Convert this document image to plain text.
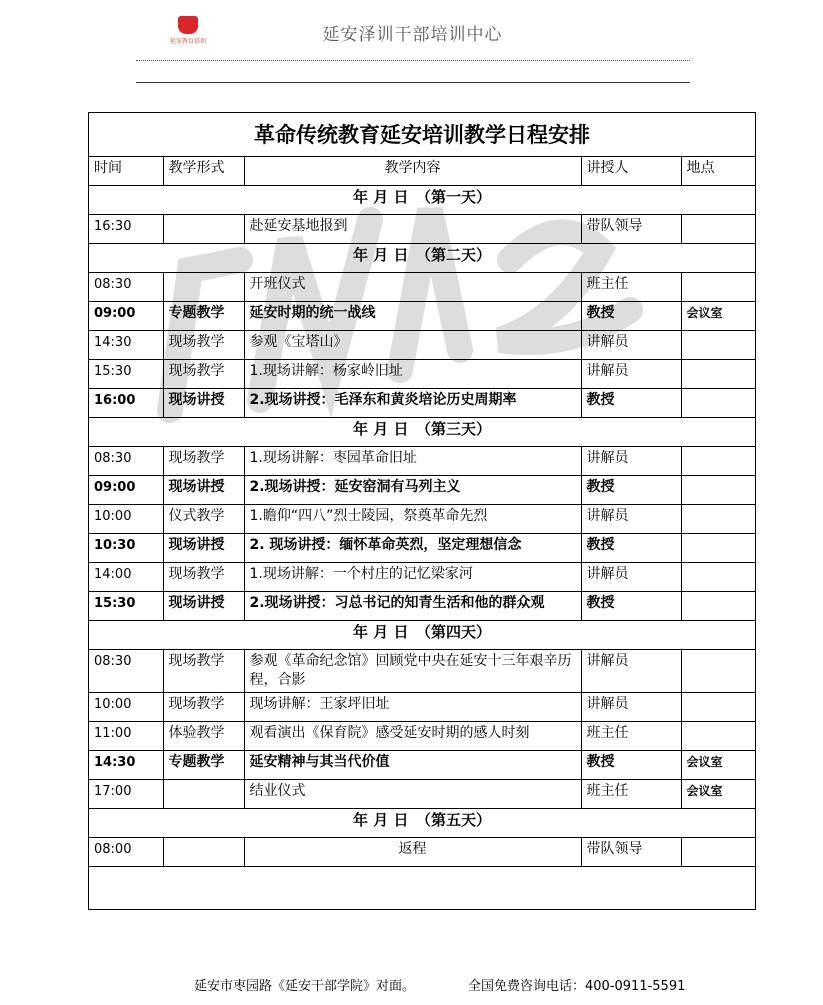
延安教育培训	延安泽训干部培训中心
革命传统教育延安培训教学日程安排
时间	教学形式	教学内容	讲授人	地点
年 月 日　（第一天）				
16:30		赴延安基地报到	带队领导	
年 月 日　（第二天）				
08:30		开班仪式	班主任	
09:00	专题教学	延安时期的统一战线	教授	会议室
14:30	现场教学	参观《宝塔山》	讲解员	
15:30	现场教学	1.现场讲解：杨家岭旧址	讲解员	
16:00	现场讲授	2.现场讲授：毛泽东和黄炎培论历史周期率	教授	
年 月 日　（第三天）				
08:30	现场教学	1.现场讲解：枣园革命旧址	讲解员	
09:00	现场讲授	2.现场讲授：延安窑洞有马列主义	教授	
10:00	仪式教学	1.瞻仰“四八”烈士陵园，祭奠革命先烈	讲解员	
10:30	现场讲授	2. 现场讲授：缅怀革命英烈，坚定理想信念	教授	
14:00	现场教学	1.现场讲解：一个村庄的记忆梁家河	讲解员	
15:30	现场讲授	2.现场讲授：习总书记的知青生活和他的群众观	教授	
年 月 日　（第四天）				
08:30	现场教学	参观《革命纪念馆》回顾党中央在延安十三年艰辛历程，合影	讲解员	
10:00	现场教学	现场讲解：王家坪旧址	讲解员	
11:00	体验教学	观看演出《保育院》感受延安时期的感人时刻	班主任	
14:30	专题教学	延安精神与其当代价值	教授	会议室
17:00		结业仪式	班主任	会议室
年 月 日　（第五天）				
08:00		返程	带队领导	
延安市枣园路《延安干部学院》对面。	全国免费咨询电话：400-0911-5591
